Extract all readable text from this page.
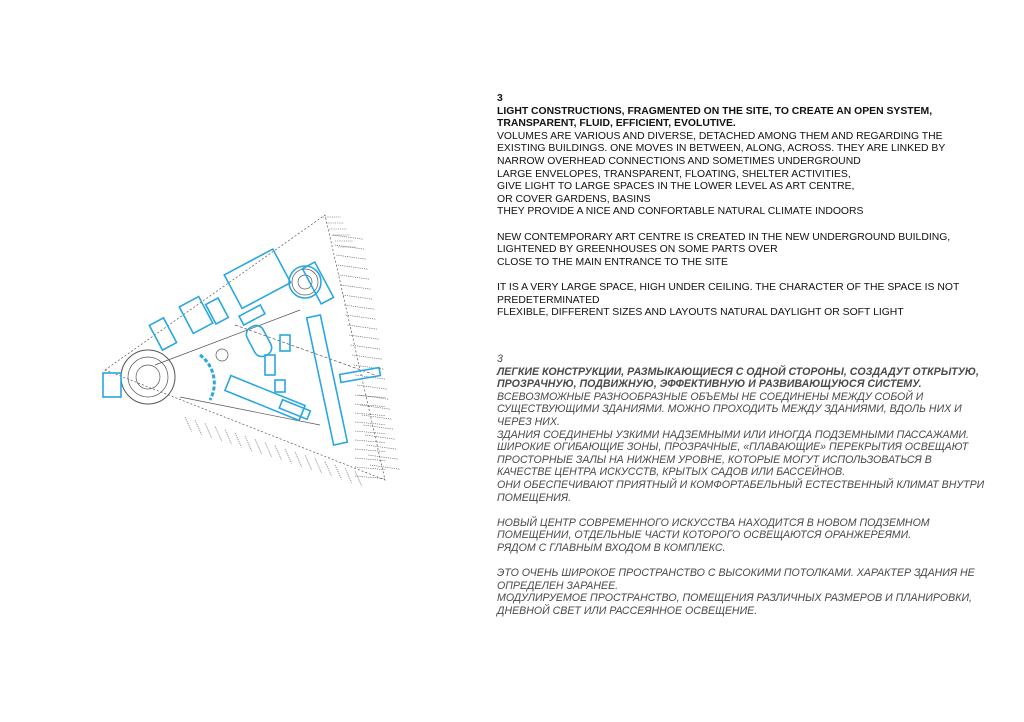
3
LIGHT CONSTRUCTIONS, FRAGMENTED ON THE SITE, TO CREATE AN OPEN SYSTEM,
TRANSPARENT, FLUID, EFFICIENT, EVOLUTIVE.
VOLUMES ARE VARIOUS AND DIVERSE, DETACHED AMONG THEM AND REGARDING THE
EXISTING BUILDINGS. ONE MOVES IN BETWEEN, ALONG, ACROSS. THEY ARE LINKED BY
NARROW OVERHEAD CONNECTIONS AND SOMETIMES UNDERGROUND
LARGE ENVELOPES, TRANSPARENT, FLOATING, SHELTER ACTIVITIES,
GIVE LIGHT TO LARGE SPACES IN THE LOWER LEVEL AS ART CENTRE,
OR COVER GARDENS, BASINS
THEY PROVIDE A NICE AND CONFORTABLE NATURAL CLIMATE INDOORS
NEW CONTEMPORARY ART CENTRE IS CREATED IN THE NEW UNDERGROUND BUILDING,
LIGHTENED BY GREENHOUSES ON SOME PARTS OVER
CLOSE TO THE MAIN ENTRANCE TO THE SITE
IT IS A VERY LARGE SPACE, HIGH UNDER CEILING. THE CHARACTER OF THE SPACE IS NOT
PREDETERMINATED
FLEXIBLE, DIFFERENT SIZES AND LAYOUTS NATURAL DAYLIGHT OR SOFT LIGHT
3
ЛЕГКИЕ КОНСТРУКЦИИ, РАЗМЫКАЮЩИЕСЯ С ОДНОЙ СТОРОНЫ, СОЗДАДУТ ОТКРЫТУЮ,
ПРОЗРАЧНУЮ, ПОДВИЖНУЮ, ЭФФЕКТИВНУЮ И РАЗВИВАЮЩУЮСЯ СИСТЕМУ.
ВСЕВОЗМОЖНЫЕ РАЗНООБРАЗНЫЕ ОБЪЕМЫ НЕ СОЕДИНЕНЫ МЕЖДУ СОБОЙ И
СУЩЕСТВУЮЩИМИ ЗДАНИЯМИ. МОЖНО ПРОХОДИТЬ МЕЖДУ ЗДАНИЯМИ, ВДОЛЬ НИХ И
ЧЕРЕЗ НИХ.
ЗДАНИЯ СОЕДИНЕНЫ УЗКИМИ НАДЗЕМНЫМИ ИЛИ ИНОГДА ПОДЗЕМНЫМИ ПАССАЖАМИ.
ШИРОКИЕ ОГИБАЮЩИЕ ЗОНЫ, ПРОЗРАЧНЫЕ, «ПЛАВАЮЩИЕ» ПЕРЕКРЫТИЯ ОСВЕЩАЮТ
ПРОСТОРНЫЕ ЗАЛЫ НА НИЖНЕМ УРОВНЕ, КОТОРЫЕ МОГУТ ИСПОЛЬЗОВАТЬСЯ В
КАЧЕСТВЕ ЦЕНТРА ИСКУССТВ, КРЫТЫХ САДОВ ИЛИ БАССЕЙНОВ.
ОНИ ОБЕСПЕЧИВАЮТ ПРИЯТНЫЙ И КОМФОРТАБЕЛЬНЫЙ ЕСТЕСТВЕННЫЙ КЛИМАТ ВНУТРИ
ПОМЕЩЕНИЯ.
НОВЫЙ ЦЕНТР СОВРЕМЕННОГО ИСКУССТВА НАХОДИТСЯ В НОВОМ ПОДЗЕМНОМ
ПОМЕЩЕНИИ, ОТДЕЛЬНЫЕ ЧАСТИ КОТОРОГО ОСВЕЩАЮТСЯ ОРАНЖЕРЕЯМИ.
РЯДОМ С ГЛАВНЫМ ВХОДОМ В КОМПЛЕКС.
ЭТО ОЧЕНЬ ШИРОКОЕ ПРОСТРАНСТВО С ВЫСОКИМИ ПОТОЛКАМИ. ХАРАКТЕР ЗДАНИЯ НЕ
ОПРЕДЕЛЕН ЗАРАНЕЕ.
МОДУЛИРУЕМОЕ ПРОСТРАНСТВО, ПОМЕЩЕНИЯ РАЗЛИЧНЫХ РАЗМЕРОВ И ПЛАНИРОВКИ,
ДНЕВНОЙ СВЕТ ИЛИ РАССЕЯННОЕ ОСВЕЩЕНИЕ.
